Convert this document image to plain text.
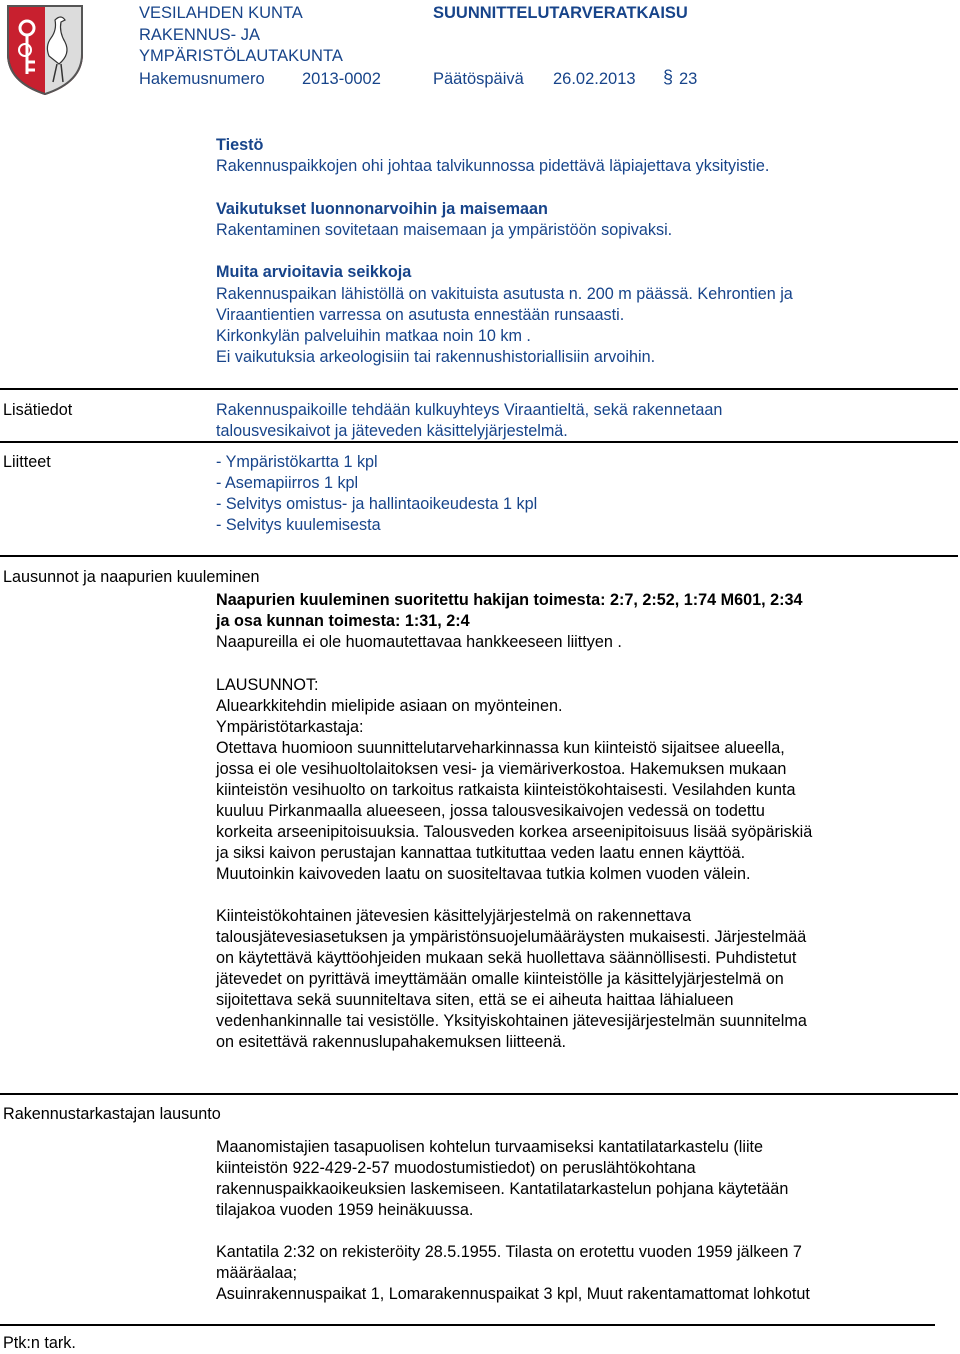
VESILAHDEN KUNTA
RAKENNUS- JA
YMPÄRISTÖLAUTAKUNTA
SUUNNITTELUTARVERATKAISU
Hakemusnumero 2013-0002	Päätöspäivä 26.02.2013 § 23
Tiestö
Rakennuspaikkojen ohi johtaa talvikunnossa pidettävä läpiajettava yksityistie.
Vaikutukset luonnonarvoihin ja maisemaan
Rakentaminen sovitetaan maisemaan ja ympäristöön sopivaksi.
Muita arvioitavia seikkoja
Rakennuspaikan lähistöllä on vakituista asutusta n. 200 m päässä. Kehrontien ja
Viraantientien varressa on asutusta ennestään runsaasti.
Kirkonkylän palveluihin matkaa noin 10 km .
Ei vaikutuksia arkeologisiin tai rakennushistoriallisiin arvoihin.
Lisätiedot	Rakennuspaikoille tehdään kulkuyhteys Viraantieltä, sekä rakennetaan
talousvesikaivot ja jäteveden käsittelyjärjestelmä.
Liitteet	- Ympäristökartta 1 kpl
- Asemapiirros 1 kpl
- Selvitys omistus- ja hallintaoikeudesta 1 kpl
- Selvitys kuulemisesta
Lausunnot ja naapurien kuuleminen
Naapurien kuuleminen suoritettu hakijan toimesta: 2:7, 2:52, 1:74 M601, 2:34
ja osa kunnan toimesta: 1:31, 2:4
Naapureilla ei ole huomautettavaa hankkeeseen liittyen .
LAUSUNNOT:
Aluearkkitehdin mielipide asiaan on myönteinen.
Ympäristötarkastaja:
Otettava huomioon suunnittelutarveharkinnassa kun kiinteistö sijaitsee alueella,
jossa ei ole vesihuoltolaitoksen vesi- ja viemäriverkostoa. Hakemuksen mukaan
kiinteistön vesihuolto on tarkoitus ratkaista kiinteistökohtaisesti. Vesilahden kunta
kuuluu Pirkanmaalla alueeseen, jossa talousvesikaivojen vedessä on todettu
korkeita arseenipitoisuuksia. Talousveden korkea arseenipitoisuus lisää syöpäriskiä
ja siksi kaivon perustajan kannattaa tutkituttaa veden laatu ennen käyttöä.
Muutoinkin kaivoveden laatu on suositeltavaa tutkia kolmen vuoden välein.
Kiinteistökohtainen jätevesien käsittelyjärjestelmä on rakennettava
talousjätevesiasetuksen ja ympäristönsuojelumääräysten mukaisesti. Järjestelmää
on käytettävä käyttöohjeiden mukaan sekä huollettava säännöllisesti. Puhdistetut
jätevedet on pyrittävä imeyttämään omalle kiinteistölle ja käsittelyjärjestelmä on
sijoitettava sekä suunniteltava siten, että se ei aiheuta haittaa lähialueen
vedenhankinnalle tai vesistölle. Yksityiskohtainen jätevesijärjestelmän suunnitelma
on esitettävä rakennuslupahakemuksen liitteenä.
Rakennustarkastajan lausunto
Maanomistajien tasapuolisen kohtelun turvaamiseksi kantatilatarkastelu (liite
kiinteistön 922-429-2-57 muodostumistiedot) on peruslähtökohtana
rakennuspaikkaoikeuksien laskemiseen. Kantatilatarkastelun pohjana käytetään
tilajakoa vuoden 1959 heinäkuussa.
Kantatila 2:32 on rekisteröity 28.5.1955. Tilasta on erotettu vuoden 1959 jälkeen 7
määräalaa;
Asuinrakennuspaikat 1, Lomarakennuspaikat 3 kpl, Muut rakentamattomat lohkotut
Ptk:n tark.
